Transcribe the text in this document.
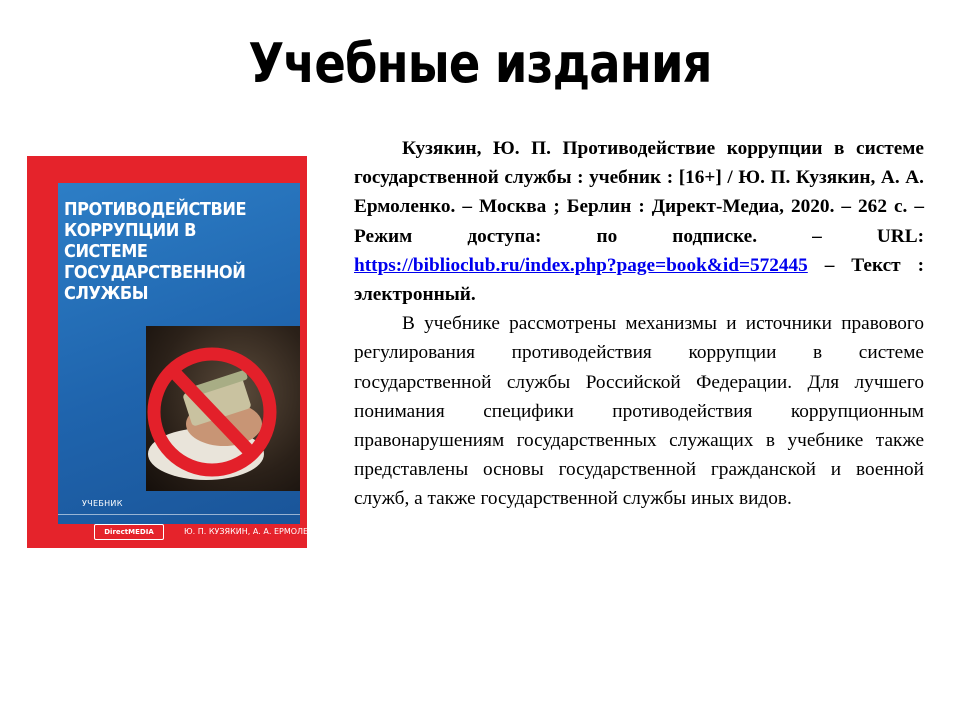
Учебные издания

ПРОТИВОДЕЙСТВИЕ
КОРРУПЦИИ В СИСТЕМЕ
ГОСУДАРСТВЕННОЙ
СЛУЖБЫ

УЧЕБНИК
DirectMEDIA	Ю. П. КУЗЯКИН, А. А. ЕРМОЛЕНКО

Кузякин, Ю. П. Противодействие коррупции в системе государственной службы : учебник : [16+] / Ю. П. Кузякин, А. А. Ермоленко. – Москва ; Берлин : Директ-Медиа, 2020. – 262 с. – Режим доступа: по подписке. – URL: https://biblioclub.ru/index.php?page=book&id=572445 – Текст : электронный.

В учебнике рассмотрены механизмы и источники правового регулирования противодействия коррупции в системе государственной службы Российской Федерации. Для лучшего понимания специфики противодействия коррупционным правонарушениям государственных служащих в учебнике также представлены основы государственной гражданской и военной служб, а также государственной службы иных видов.
